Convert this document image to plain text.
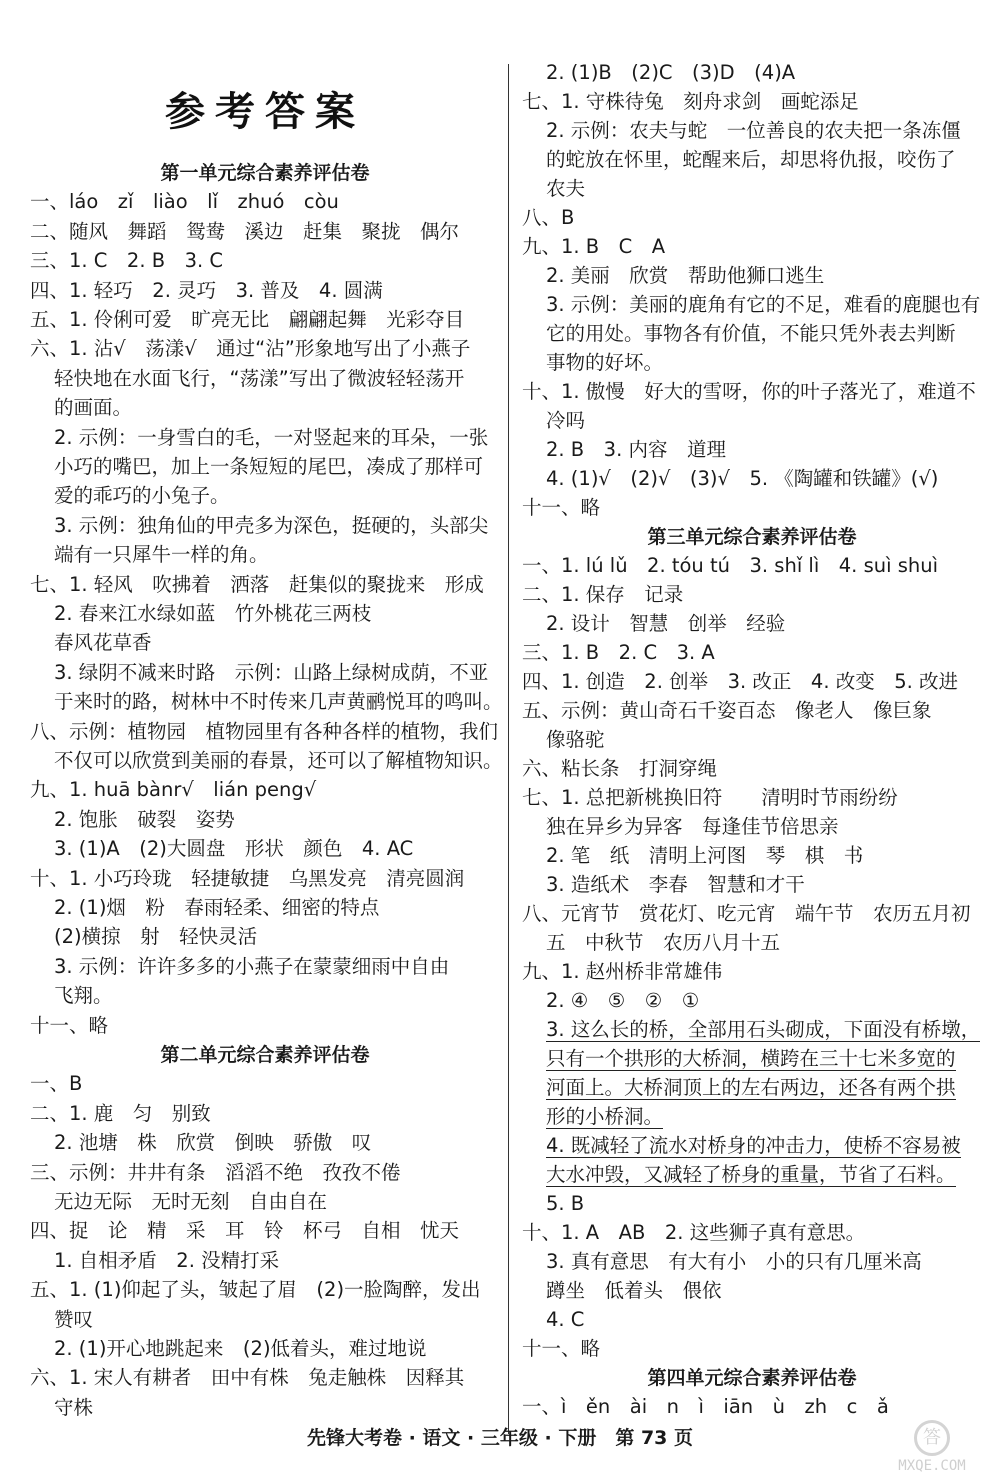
参考答案
第一单元综合素养评估卷
一、láo　zǐ　liào　lǐ　zhuó　còu
二、随风　舞蹈　鸳鸯　溪边　赶集　聚拢　偶尔
三、1. C　2. B　3. C
四、1. 轻巧　2. 灵巧　3. 普及　4. 圆满
五、1. 伶俐可爱　旷亮无比　翩翩起舞　光彩夺目
六、1. 沾√　荡漾√　通过“沾”形象地写出了小燕子
轻快地在水面飞行，“荡漾”写出了微波轻轻荡开
的画面。
2. 示例：一身雪白的毛，一对竖起来的耳朵，一张
小巧的嘴巴，加上一条短短的尾巴，凑成了那样可
爱的乖巧的小兔子。
3. 示例：独角仙的甲壳多为深色，挺硬的，头部尖
端有一只犀牛一样的角。
七、1. 轻风　吹拂着　洒落　赶集似的聚拢来　形成
2. 春来江水绿如蓝　竹外桃花三两枝
春风花草香
3. 绿阴不减来时路　示例：山路上绿树成荫，不亚
于来时的路，树林中不时传来几声黄鹂悦耳的鸣叫。
八、示例：植物园　植物园里有各种各样的植物，我们
不仅可以欣赏到美丽的春景，还可以了解植物知识。
九、1. huā bànr√　lián peng√
2. 饱胀　破裂　姿势
3. (1)A　(2)大圆盘　形状　颜色　4. AC
十、1. 小巧玲珑　轻捷敏捷　乌黑发亮　清亮圆润
2. (1)烟　粉　春雨轻柔、细密的特点
(2)横掠　射　轻快灵活
3. 示例：许许多多的小燕子在蒙蒙细雨中自由
飞翔。
十一、略
第二单元综合素养评估卷
一、B
二、1. 鹿　匀　别致
2. 池塘　株　欣赏　倒映　骄傲　叹
三、示例：井井有条　滔滔不绝　孜孜不倦
无边无际　无时无刻　自由自在
四、捉　论　精　采　耳　铃　杯弓　自相　忧天
1. 自相矛盾　2. 没精打采
五、1. (1)仰起了头，皱起了眉　(2)一脸陶醉，发出
赞叹
2. (1)开心地跳起来　(2)低着头，难过地说
六、1. 宋人有耕者　田中有株　兔走触株　因释其
守株
2. (1)B　(2)C　(3)D　(4)A
七、1. 守株待兔　刻舟求剑　画蛇添足
2. 示例：农夫与蛇　一位善良的农夫把一条冻僵
的蛇放在怀里，蛇醒来后，却思将仇报，咬伤了
农夫
八、B
九、1. B　C　A
2. 美丽　欣赏　帮助他狮口逃生
3. 示例：美丽的鹿角有它的不足，难看的鹿腿也有
它的用处。事物各有价值，不能只凭外表去判断
事物的好坏。
十、1. 傲慢　好大的雪呀，你的叶子落光了，难道不
冷吗
2. B　3. 内容　道理
4. (1)√　(2)√　(3)√　5. 《陶罐和铁罐》(√)
十一、略
第三单元综合素养评估卷
一、1. lú lǔ　2. tóu tú　3. shǐ lì　4. suì shuì
二、1. 保存　记录
2. 设计　智慧　创举　经验
三、1. B　2. C　3. A
四、1. 创造　2. 创举　3. 改正　4. 改变　5. 改进
五、示例：黄山奇石千姿百态　像老人　像巨象
像骆驼
六、粘长条　打洞穿绳
七、1. 总把新桃换旧符　　清明时节雨纷纷
独在异乡为异客　每逢佳节倍思亲
2. 笔　纸　清明上河图　琴　棋　书
3. 造纸术　李春　智慧和才干
八、元宵节　赏花灯、吃元宵　端午节　农历五月初
五　中秋节　农历八月十五
九、1. 赵州桥非常雄伟
2. ④　⑤　②　①
3. 这么长的桥，全部用石头砌成，下面没有桥墩，
只有一个拱形的大桥洞，横跨在三十七米多宽的
河面上。大桥洞顶上的左右两边，还各有两个拱
形的小桥洞。
4. 既减轻了流水对桥身的冲击力，使桥不容易被
大水冲毁，又减轻了桥身的重量，节省了石料。
5. B
十、1. A　AB　2. 这些狮子真有意思。
3. 真有意思　有大有小　小的只有几厘米高
蹲坐　低着头　偎依
4. C
十一、略
第四单元综合素养评估卷
一、ì　ěn　ài　n　ì　iān　ù　zh　c　ǎ
先锋大考卷 · 语文 · 三年级 · 下册　第 73 页	答
MXQE.COM
